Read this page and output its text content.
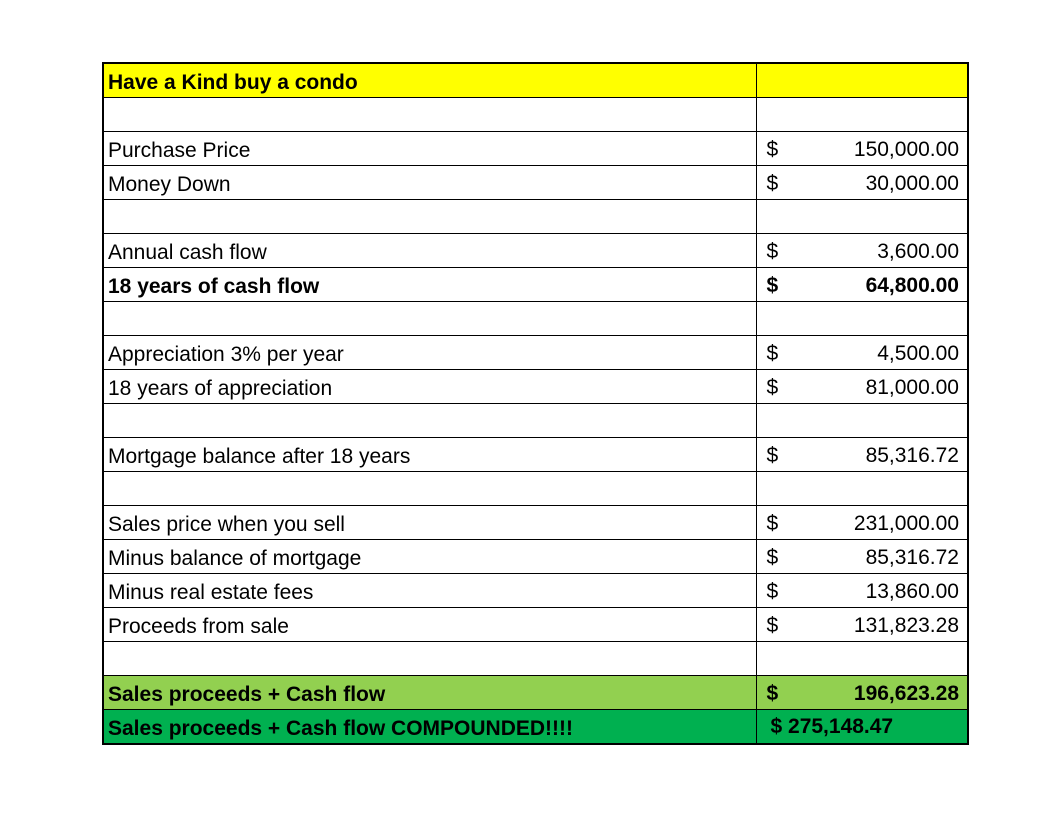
Have a Kind buy a condo	

Purchase Price	$ 150,000.00

Money Down	$ 30,000.00

Annual cash flow	$ 3,600.00

18 years of cash flow	$ 64,800.00

Appreciation 3% per year	$ 4,500.00

18 years of appreciation	$ 81,000.00

Mortgage balance after 18 years	$ 85,316.72

Sales price when you sell	$ 231,000.00

Minus balance of mortgage	$ 85,316.72

Minus real estate fees	$ 13,860.00

Proceeds from sale	$ 131,823.28

Sales proceeds + Cash flow	$ 196,623.28

Sales proceeds + Cash flow COMPOUNDED!!!!	$ 275,148.47
